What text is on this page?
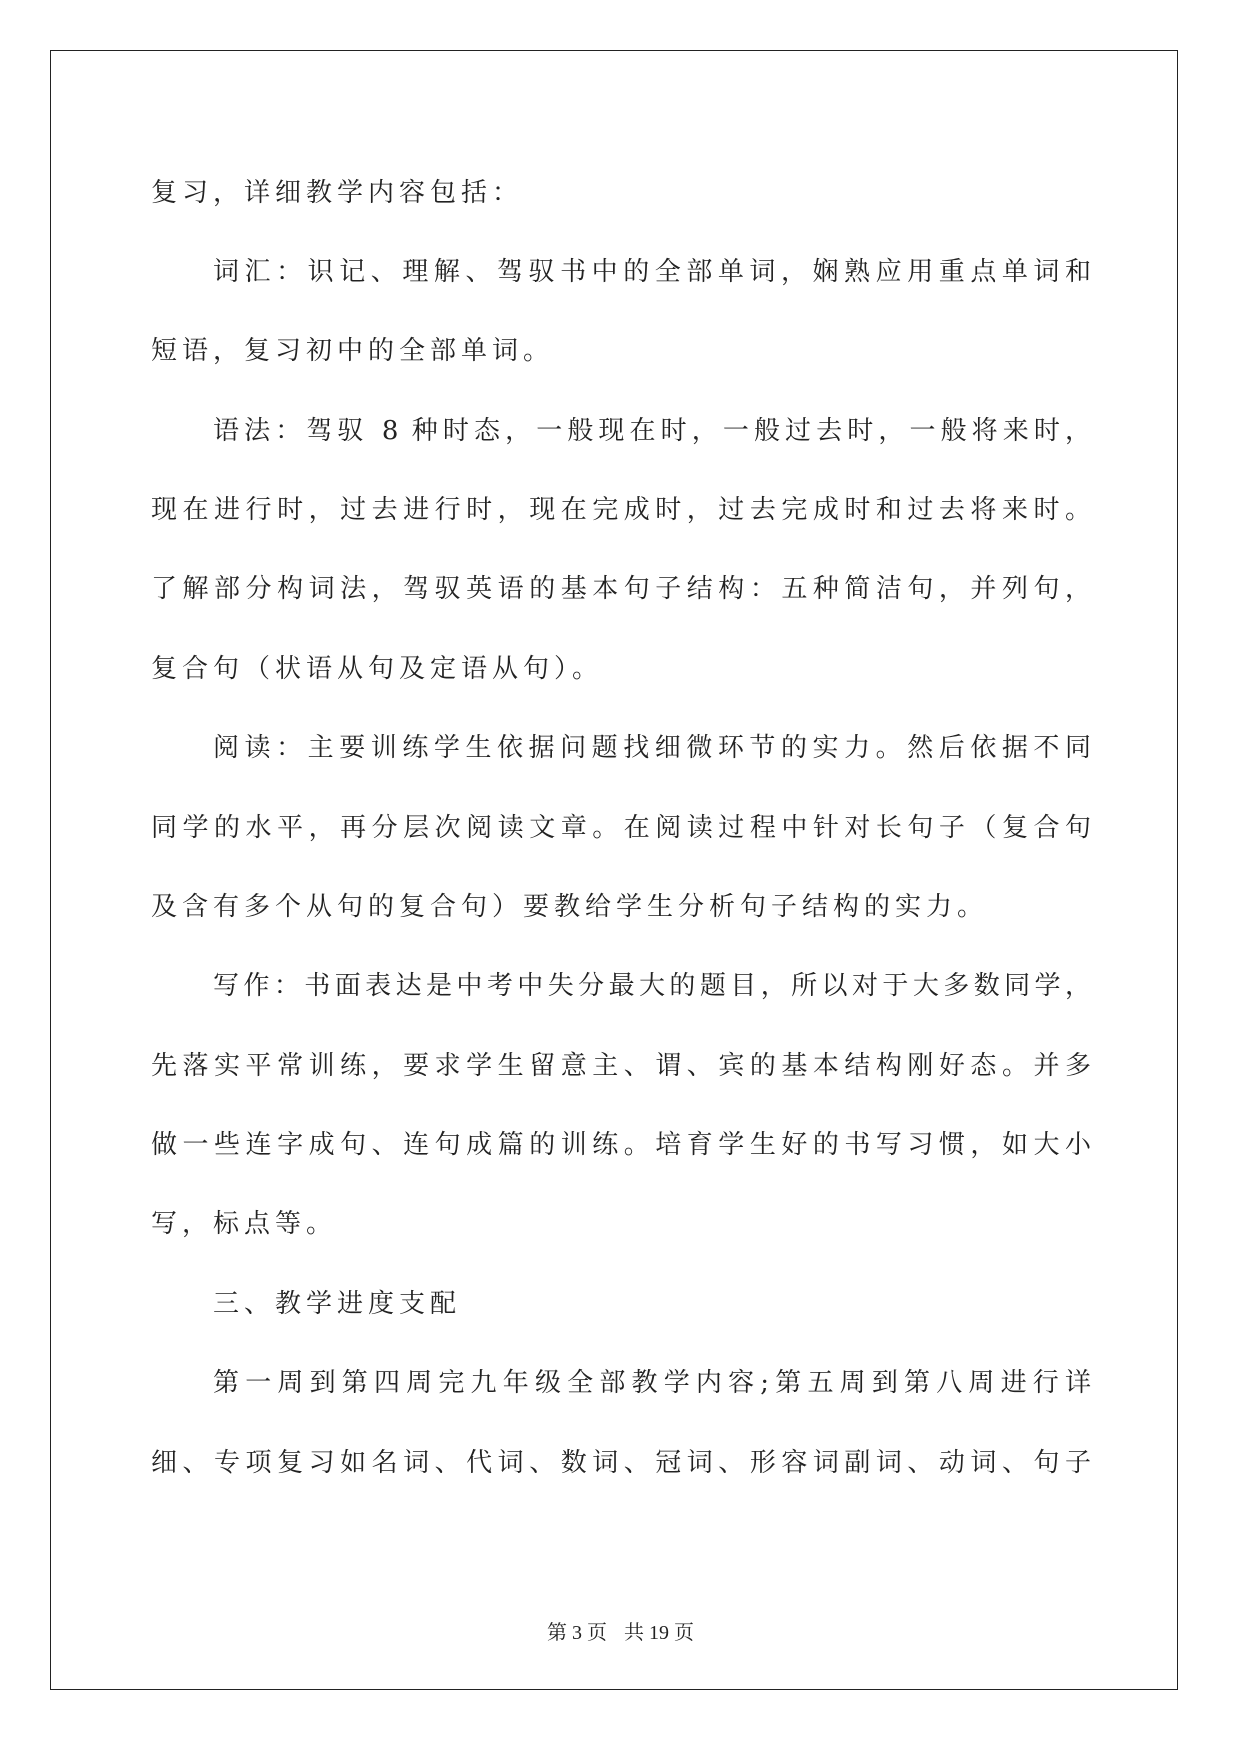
复习，详细教学内容包括：

词汇：识记、理解、驾驭书中的全部单词，娴熟应用重点单词和

短语，复习初中的全部单词。

语法：驾驭 8 种时态，一般现在时，一般过去时，一般将来时，

现在进行时，过去进行时，现在完成时，过去完成时和过去将来时。

了解部分构词法，驾驭英语的基本句子结构：五种简洁句，并列句，

复合句（状语从句及定语从句）。

阅读：主要训练学生依据问题找细微环节的实力。然后依据不同

同学的水平，再分层次阅读文章。在阅读过程中针对长句子（复合句

及含有多个从句的复合句）要教给学生分析句子结构的实力。

写作：书面表达是中考中失分最大的题目，所以对于大多数同学，

先落实平常训练，要求学生留意主、谓、宾的基本结构刚好态。并多

做一些连字成句、连句成篇的训练。培育学生好的书写习惯，如大小

写，标点等。

三、教学进度支配

第一周到第四周完九年级全部教学内容;第五周到第八周进行详

细、专项复习如名词、代词、数词、冠词、形容词副词、动词、句子

第 3 页 共 19 页
